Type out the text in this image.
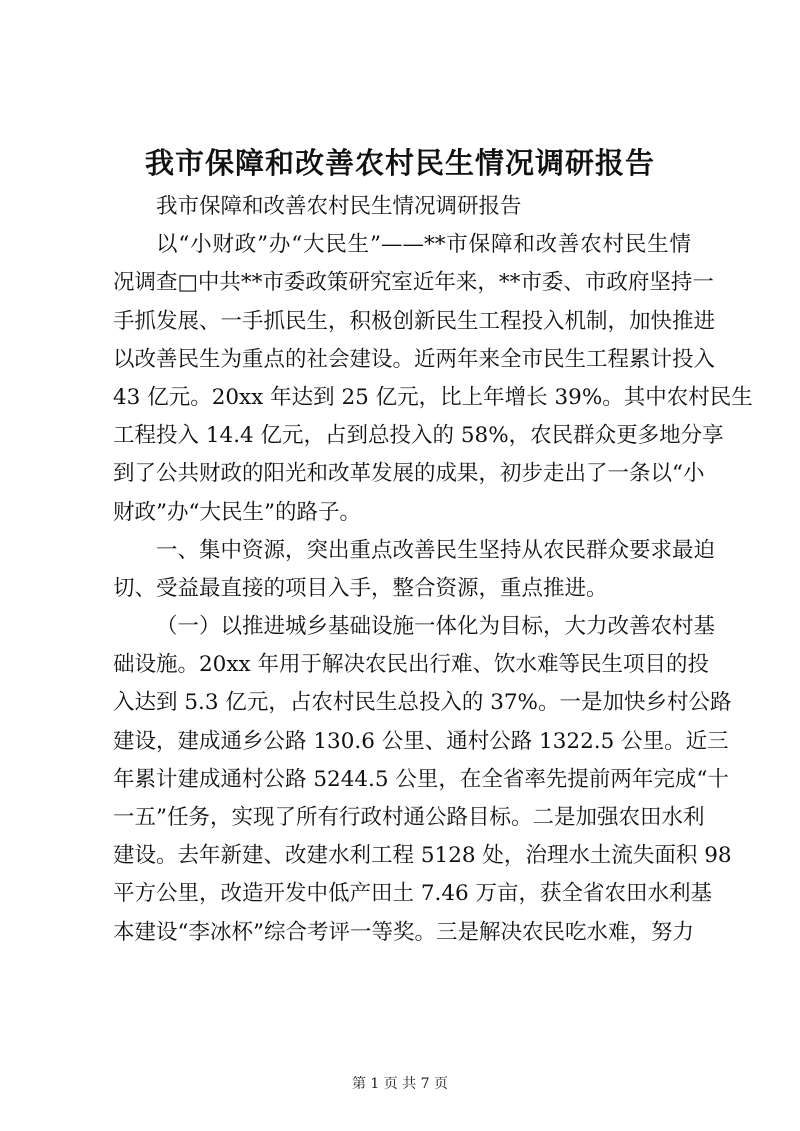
我市保障和改善农村民生情况调研报告
我市保障和改善农村民生情况调研报告
以“小财政”办“大民生”——**市保障和改善农村民生情
况调查□中共**市委政策研究室近年来，**市委、市政府坚持一
手抓发展、一手抓民生，积极创新民生工程投入机制，加快推进
以改善民生为重点的社会建设。近两年来全市民生工程累计投入
43 亿元。20xx 年达到 25 亿元，比上年增长 39%。其中农村民生
工程投入 14.4 亿元，占到总投入的 58%，农民群众更多地分享
到了公共财政的阳光和改革发展的成果，初步走出了一条以“小
财政”办“大民生”的路子。
一、集中资源，突出重点改善民生坚持从农民群众要求最迫
切、受益最直接的项目入手，整合资源，重点推进。
（一）以推进城乡基础设施一体化为目标，大力改善农村基
础设施。20xx 年用于解决农民出行难、饮水难等民生项目的投
入达到 5.3 亿元，占农村民生总投入的 37%。一是加快乡村公路
建设，建成通乡公路 130.6 公里、通村公路 1322.5 公里。近三
年累计建成通村公路 5244.5 公里，在全省率先提前两年完成“十
一五”任务，实现了所有行政村通公路目标。二是加强农田水利
建设。去年新建、改建水利工程 5128 处，治理水土流失面积 98
平方公里，改造开发中低产田土 7.46 万亩，获全省农田水利基
本建设“李冰杯”综合考评一等奖。三是解决农民吃水难，努力
第 1 页 共 7 页
